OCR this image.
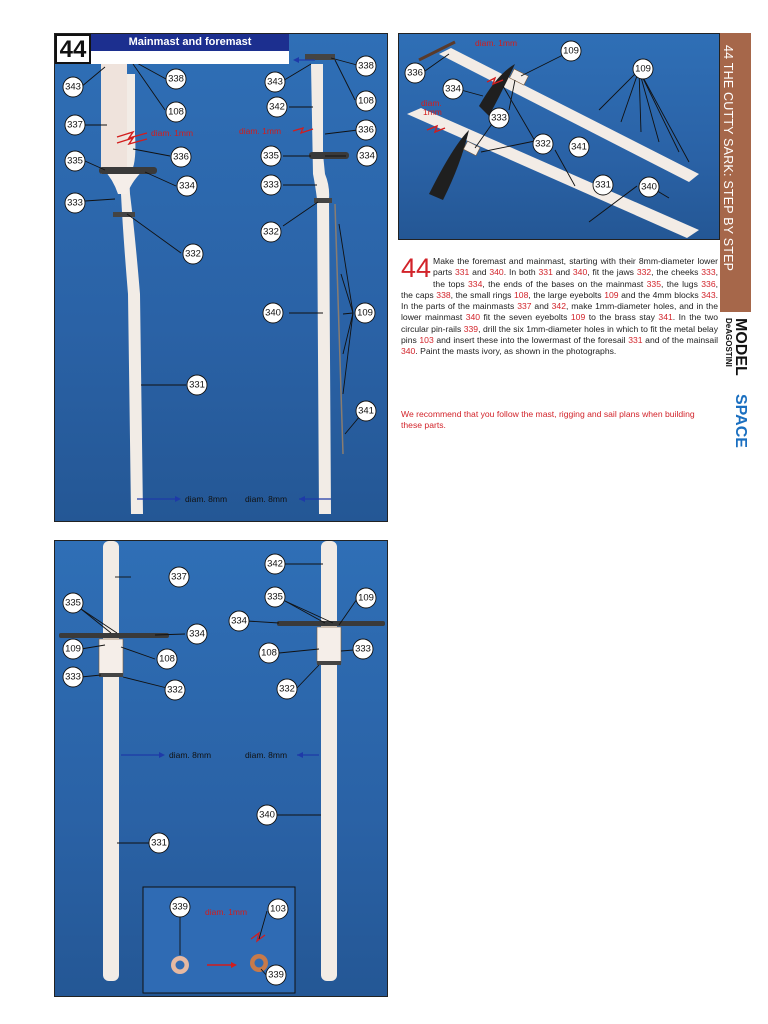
diam. 1mm
diam. 8mm diam. 8mm
diam. 1mm
343
338
108
337
336
335
334
333
332
331
343
338
342
108
336
335	334
333
332
340	109
341
44	Mainmast and foremast	diam. 1mm
diam.
1mm
336
334
333
332
109
109
341
331	340
44 Make the foremast and mainmast, starting with their 8mm-diameter lower parts 331 and 340. In both 331 and 340, fit the jaws 332, the cheeks 333, the tops 334, the ends of the bases on the mainmast 335, the lugs 336, the caps 338, the small rings 108, the large eyebolts 109 and the 4mm blocks 343. In the parts of the mainmasts 337 and 342, make 1mm-diameter holes, and in the lower mainmast 340 fit the seven eyebolts 109 to the brass stay 341. In the two circular pin-rails 339, drill the six 1mm-diameter holes in which to fit the metal belay pins 103 and insert these into the lowermast of the foresail 331 and of the mainsail 340. Paint the masts ivory, as shown in the photographs.
We recommend that you follow the mast, rigging and sail plans when building these parts.
44 THE CUTTY SARK: STEP BY STEP
DeAGOSTINI MODEL
SPACE
diam. 8mm	diam. 8mm
diam. 1mm
337
335
334
108
109
333
332
331
342
335	109
334
108	333
332
340
339	103
339
